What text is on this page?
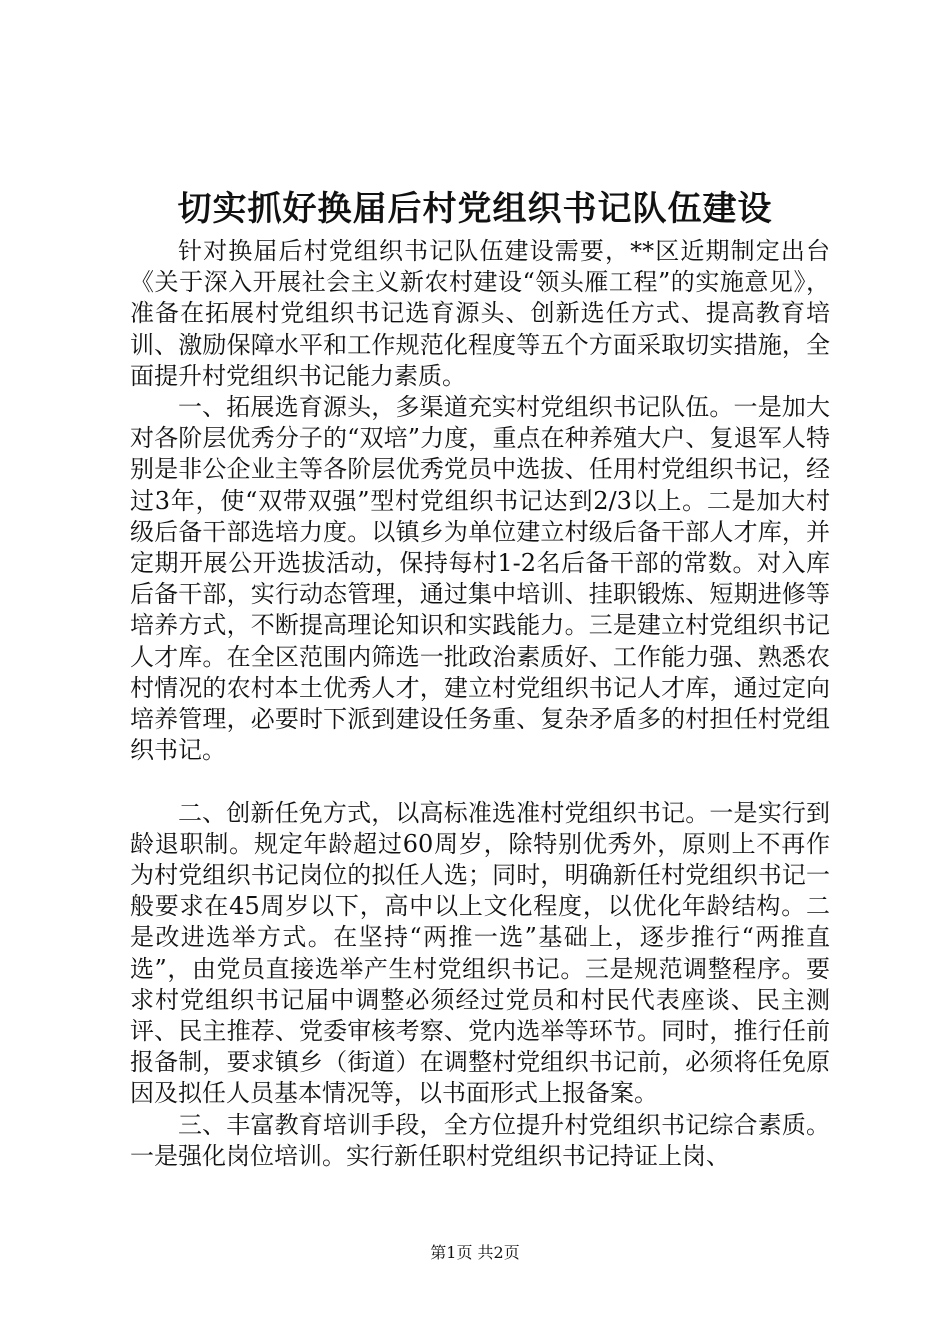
切实抓好换届后村党组织书记队伍建设

针对换届后村党组织书记队伍建设需要，**区近期制定出台《关于深入开展社会主义新农村建设“领头雁工程”的实施意见》，准备在拓展村党组织书记选育源头、创新选任方式、提高教育培训、激励保障水平和工作规范化程度等五个方面采取切实措施，全面提升村党组织书记能力素质。

一、拓展选育源头，多渠道充实村党组织书记队伍。一是加大对各阶层优秀分子的“双培”力度，重点在种养殖大户、复退军人特别是非公企业主等各阶层优秀党员中选拔、任用村党组织书记，经过3年，使“双带双强”型村党组织书记达到2/3以上。二是加大村级后备干部选培力度。以镇乡为单位建立村级后备干部人才库，并定期开展公开选拔活动，保持每村1-2名后备干部的常数。对入库后备干部，实行动态管理，通过集中培训、挂职锻炼、短期进修等培养方式，不断提高理论知识和实践能力。三是建立村党组织书记人才库。在全区范围内筛选一批政治素质好、工作能力强、熟悉农村情况的农村本土优秀人才，建立村党组织书记人才库，通过定向培养管理，必要时下派到建设任务重、复杂矛盾多的村担任村党组织书记。

二、创新任免方式，以高标准选准村党组织书记。一是实行到龄退职制。规定年龄超过60周岁，除特别优秀外，原则上不再作为村党组织书记岗位的拟任人选；同时，明确新任村党组织书记一般要求在45周岁以下，高中以上文化程度，以优化年龄结构。二是改进选举方式。在坚持“两推一选”基础上，逐步推行“两推直选”，由党员直接选举产生村党组织书记。三是规范调整程序。要求村党组织书记届中调整必须经过党员和村民代表座谈、民主测评、民主推荐、党委审核考察、党内选举等环节。同时，推行任前报备制，要求镇乡（街道）在调整村党组织书记前，必须将任免原因及拟任人员基本情况等，以书面形式上报备案。

三、丰富教育培训手段，全方位提升村党组织书记综合素质。一是强化岗位培训。实行新任职村党组织书记持证上岗、

第1页 共2页
